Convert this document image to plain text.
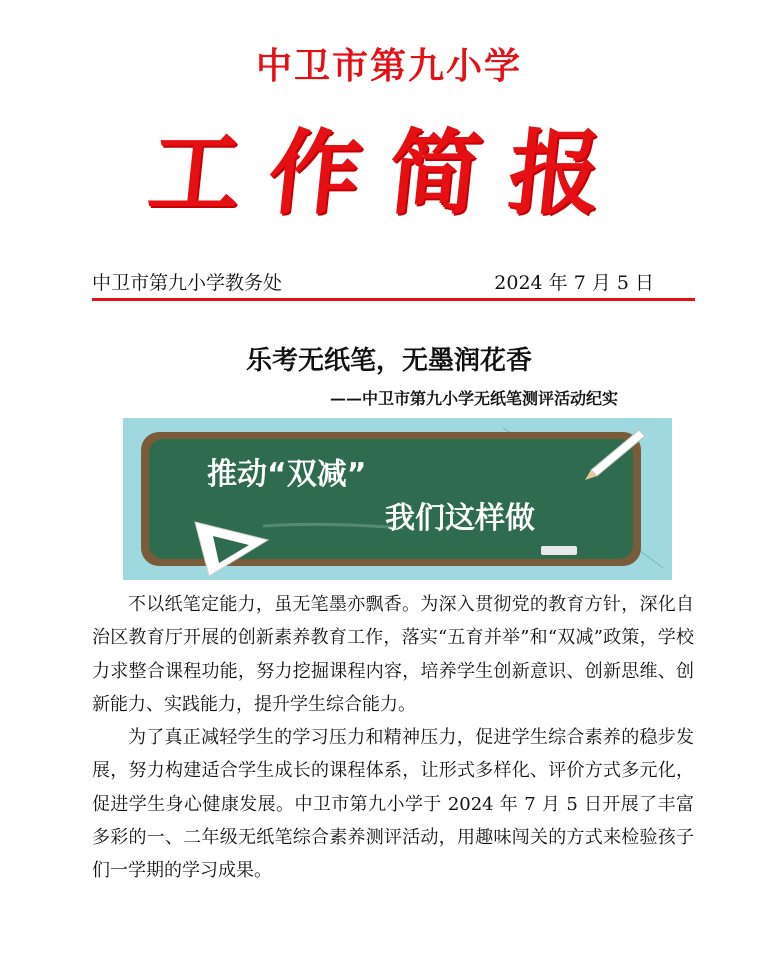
中卫市第九小学
工作简报
中卫市第九小学教务处	2024 年 7 月 5 日
乐考无纸笔，无墨润花香
——中卫市第九小学无纸笔测评活动纪实
推动“双减”
我们这样做

不以纸笔定能力，虽无笔墨亦飘香。为深入贯彻党的教育方针，深化自治区教育厅开展的创新素养教育工作，落实“五育并举”和“双减”政策，学校力求整合课程功能，努力挖掘课程内容，培养学生创新意识、创新思维、创新能力、实践能力，提升学生综合能力。

为了真正减轻学生的学习压力和精神压力，促进学生综合素养的稳步发展，努力构建适合学生成长的课程体系，让形式多样化、评价方式多元化，促进学生身心健康发展。中卫市第九小学于 2024 年 7 月 5 日开展了丰富多彩的一、二年级无纸笔综合素养测评活动，用趣味闯关的方式来检验孩子们一学期的学习成果。
